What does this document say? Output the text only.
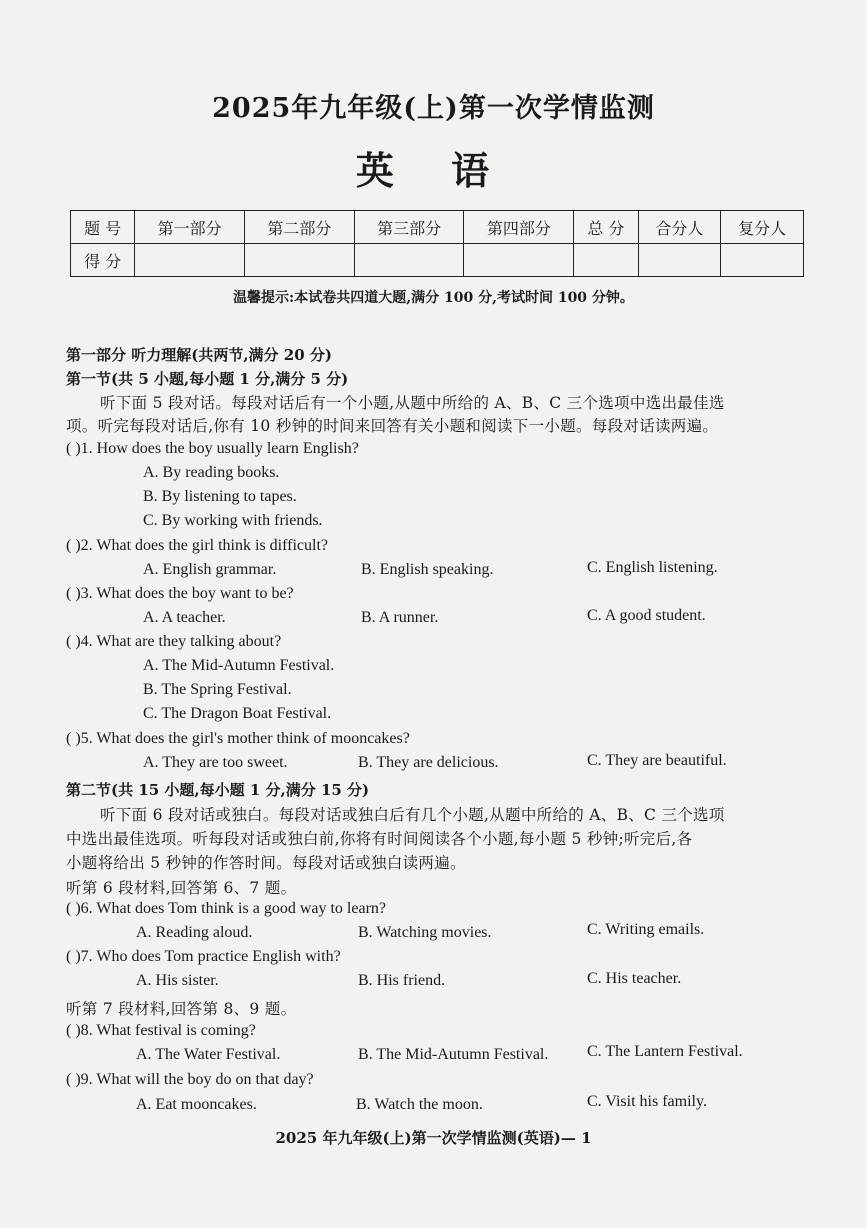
2025年九年级(上)第一次学情监测
英 语
题 号	第一部分	第二部分	第三部分	第四部分	总 分	合分人	复分人
得 分							
温馨提示:本试卷共四道大题,满分 100 分,考试时间 100 分钟。
第一部分 听力理解(共两节,满分 20 分)
第一节(共 5 小题,每小题 1 分,满分 5 分)
听下面 5 段对话。每段对话后有一个小题,从题中所给的 A、B、C 三个选项中选出最佳选
项。听完每段对话后,你有 10 秒钟的时间来回答有关小题和阅读下一小题。每段对话读两遍。
( )1. How does the boy usually learn English?
A. By reading books.
B. By listening to tapes.
C. By working with friends.
( )2. What does the girl think is difficult?
A. English grammar.	B. English speaking.	C. English listening.
( )3. What does the boy want to be?
A. A teacher.	B. A runner.	C. A good student.
( )4. What are they talking about?
A. The Mid-Autumn Festival.
B. The Spring Festival.
C. The Dragon Boat Festival.
( )5. What does the girl's mother think of mooncakes?
A. They are too sweet.	B. They are delicious.	C. They are beautiful.
第二节(共 15 小题,每小题 1 分,满分 15 分)
听下面 6 段对话或独白。每段对话或独白后有几个小题,从题中所给的 A、B、C 三个选项
中选出最佳选项。听每段对话或独白前,你将有时间阅读各个小题,每小题 5 秒钟;听完后,各
小题将给出 5 秒钟的作答时间。每段对话或独白读两遍。
听第 6 段材料,回答第 6、7 题。
( )6. What does Tom think is a good way to learn?
A. Reading aloud.	B. Watching movies.	C. Writing emails.
( )7. Who does Tom practice English with?
A. His sister.	B. His friend.	C. His teacher.
听第 7 段材料,回答第 8、9 题。
( )8. What festival is coming?
A. The Water Festival.	B. The Mid-Autumn Festival. C. The Lantern Festival.
( )9. What will the boy do on that day?
A. Eat mooncakes.	B. Watch the moon.	C. Visit his family.
2025 年九年级(上)第一次学情监测(英语)— 1
